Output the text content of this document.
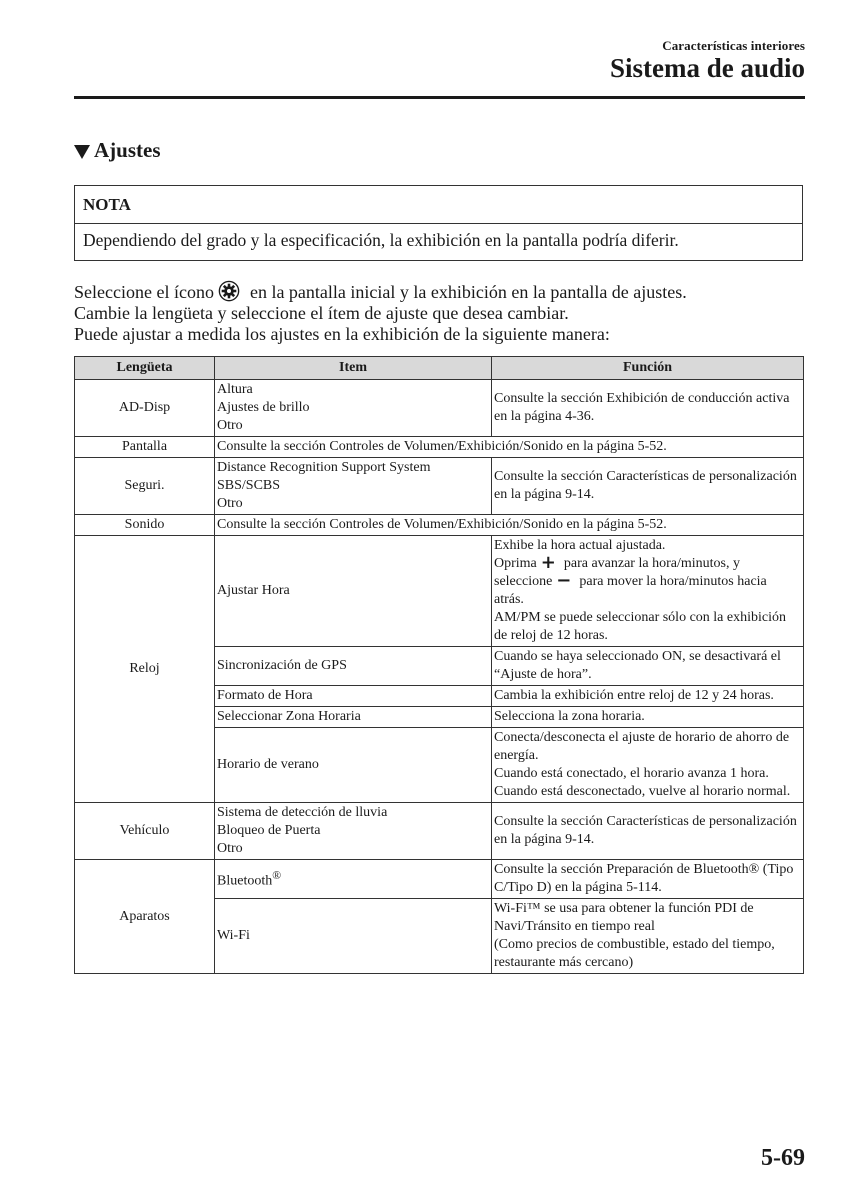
Características interiores
Sistema de audio
Ajustes
NOTA
Dependiendo del grado y la especificación, la exhibición en la pantalla podría diferir.

Seleccione el ícono en la pantalla inicial y la exhibición en la pantalla de ajustes.

Cambie la lengüeta y seleccione el ítem de ajuste que desea cambiar.

Puede ajustar a medida los ajustes en la exhibición de la siguiente manera:

Lengüeta	Item	Función
AD-Disp	Altura
Ajustes de brillo
Otro	Consulte la sección Exhibición de conducción activa en la página 4-36.
Pantalla	Consulte la sección Controles de Volumen/Exhibición/Sonido en la página 5-52.	
Seguri.	Distance Recognition Support System
SBS/SCBS
Otro	Consulte la sección Características de personalización en la página 9-14.
Sonido	Consulte la sección Controles de Volumen/Exhibición/Sonido en la página 5-52.	
Reloj	Ajustar Hora	Exhibe la hora actual ajustada.
Oprima + para avanzar la hora/minutos, y
seleccione − para mover la hora/minutos hacia
atrás.
AM/PM se puede seleccionar sólo con la exhibición de reloj de 12 horas.

	Sincronización de GPS	Cuando se haya seleccionado ON, se desactivará el “Ajuste de hora”.
	Formato de Hora	Cambia la exhibición entre reloj de 12 y 24 horas.
	Seleccionar Zona Horaria	Selecciona la zona horaria.
	Horario de verano	Conecta/desconecta el ajuste de horario de ahorro de energía.
Cuando está conectado, el horario avanza 1 hora. Cuando está desconectado, vuelve al horario normal.

Vehículo	Sistema de detección de lluvia
Bloqueo de Puerta
Otro	Consulte la sección Características de personalización en la página 9-14.
Aparatos	Bluetooth®	Consulte la sección Preparación de Bluetooth® (Tipo C/Tipo D) en la página 5-114.
	Wi-Fi	Wi-Fi™ se usa para obtener la función PDI de Navi/Tránsito en tiempo real
(Como precios de combustible, estado del tiempo, restaurante más cercano)
5-69
